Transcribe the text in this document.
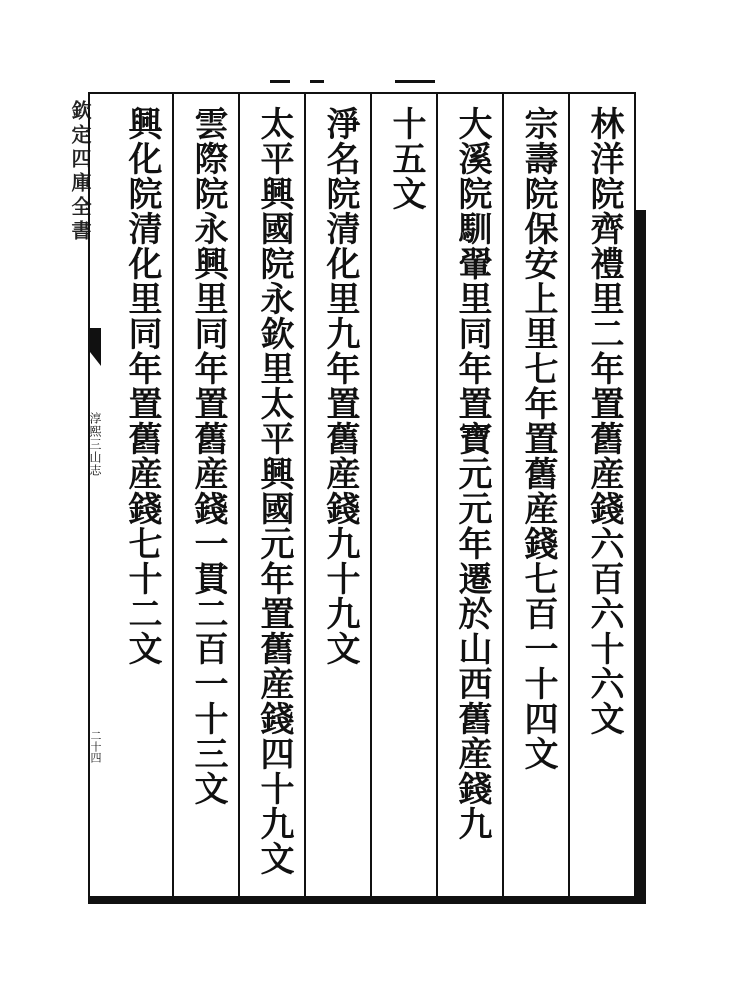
欽定四庫全書
淳熙三山志
二十四
林洋院齊禮里二年置舊産錢六百六十六文
宗壽院保安上里七年置舊産錢七百一十四文
大溪院馴翬里同年置寶元元年遷於山西舊産錢九
十五文
淨名院清化里九年置舊産錢九十九文
太平興國院永欽里太平興國元年置舊産錢四十九文
雲際院永興里同年置舊産錢一貫二百一十三文
興化院清化里同年置舊産錢七十二文
